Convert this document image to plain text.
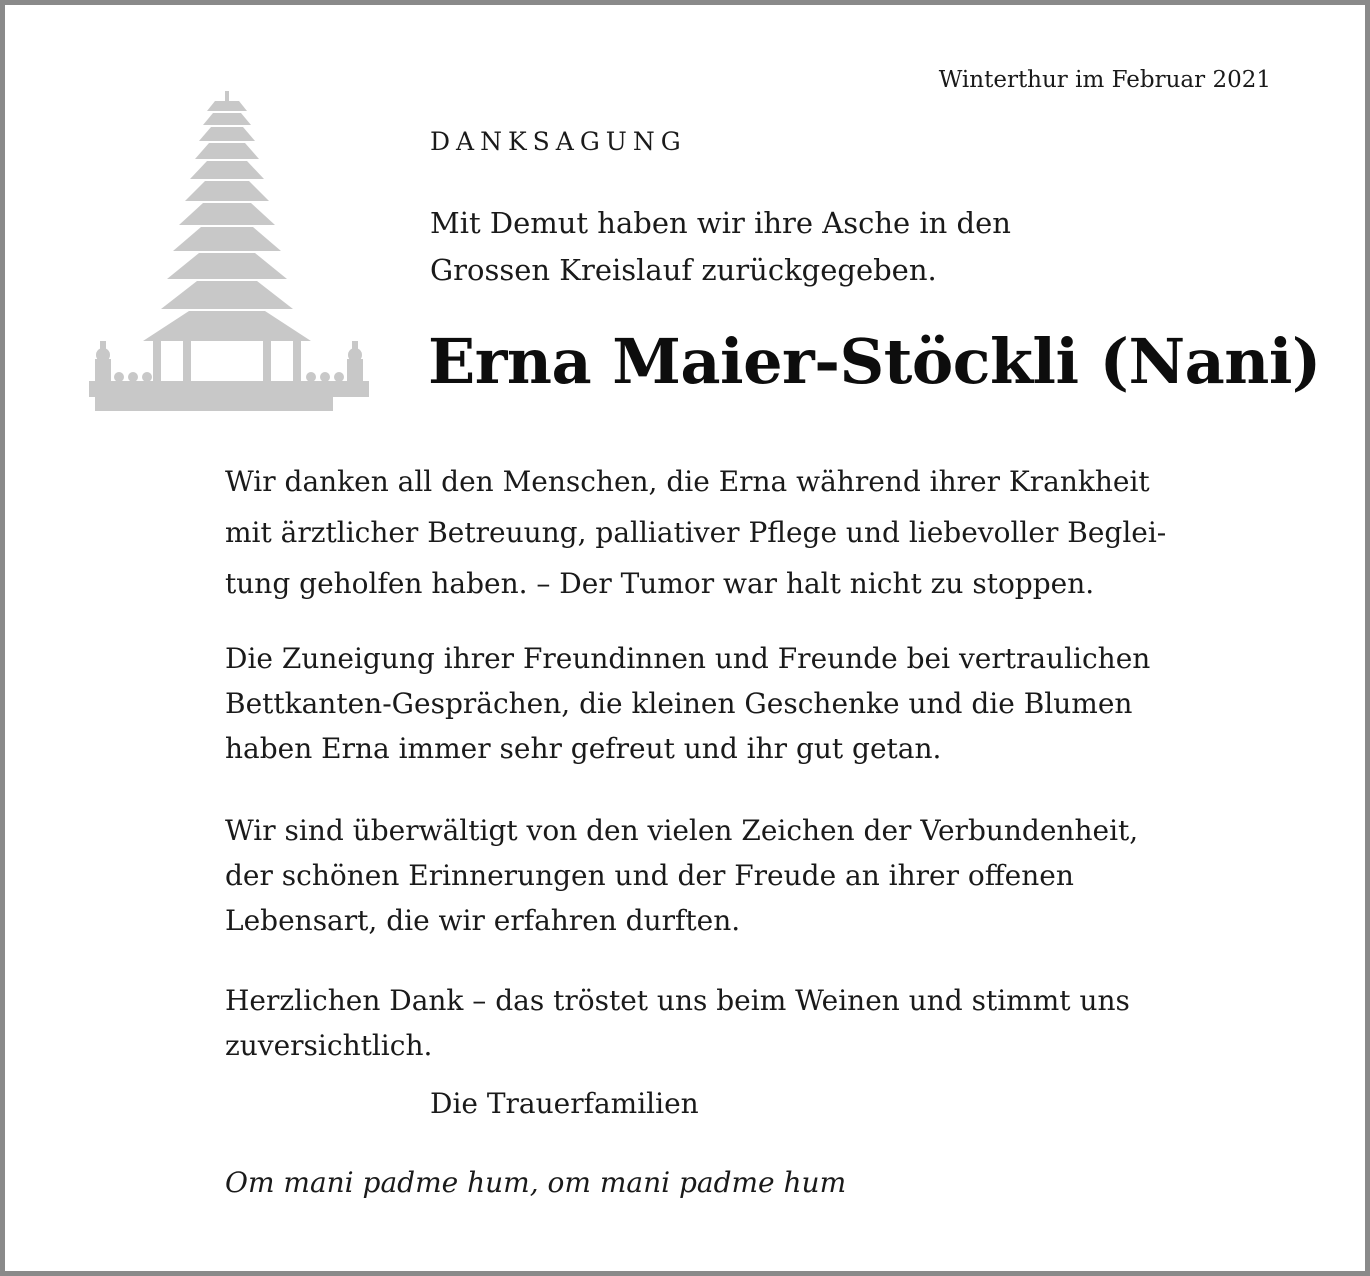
Winterthur im Februar 2021
DANKSAGUNG
Mit Demut haben wir ihre Asche in den
Grossen Kreislauf zurückgegeben.
Erna Maier-Stöckli (Nani)

Wir danken all den Menschen, die Erna während ihrer Krankheit

mit ärztlicher Betreuung, palliativer Pflege und liebevoller Beglei-

tung geholfen haben. – Der Tumor war halt nicht zu stoppen.

Die Zuneigung ihrer Freundinnen und Freunde bei vertraulichen

Bettkanten-Gesprächen, die kleinen Geschenke und die Blumen

haben Erna immer sehr gefreut und ihr gut getan.

Wir sind überwältigt von den vielen Zeichen der Verbundenheit,

der schönen Erinnerungen und der Freude an ihrer offenen

Lebensart, die wir erfahren durften.

Herzlichen Dank – das tröstet uns beim Weinen und stimmt uns

zuversichtlich.

Die Trauerfamilien
Om mani padme hum, om mani padme hum
